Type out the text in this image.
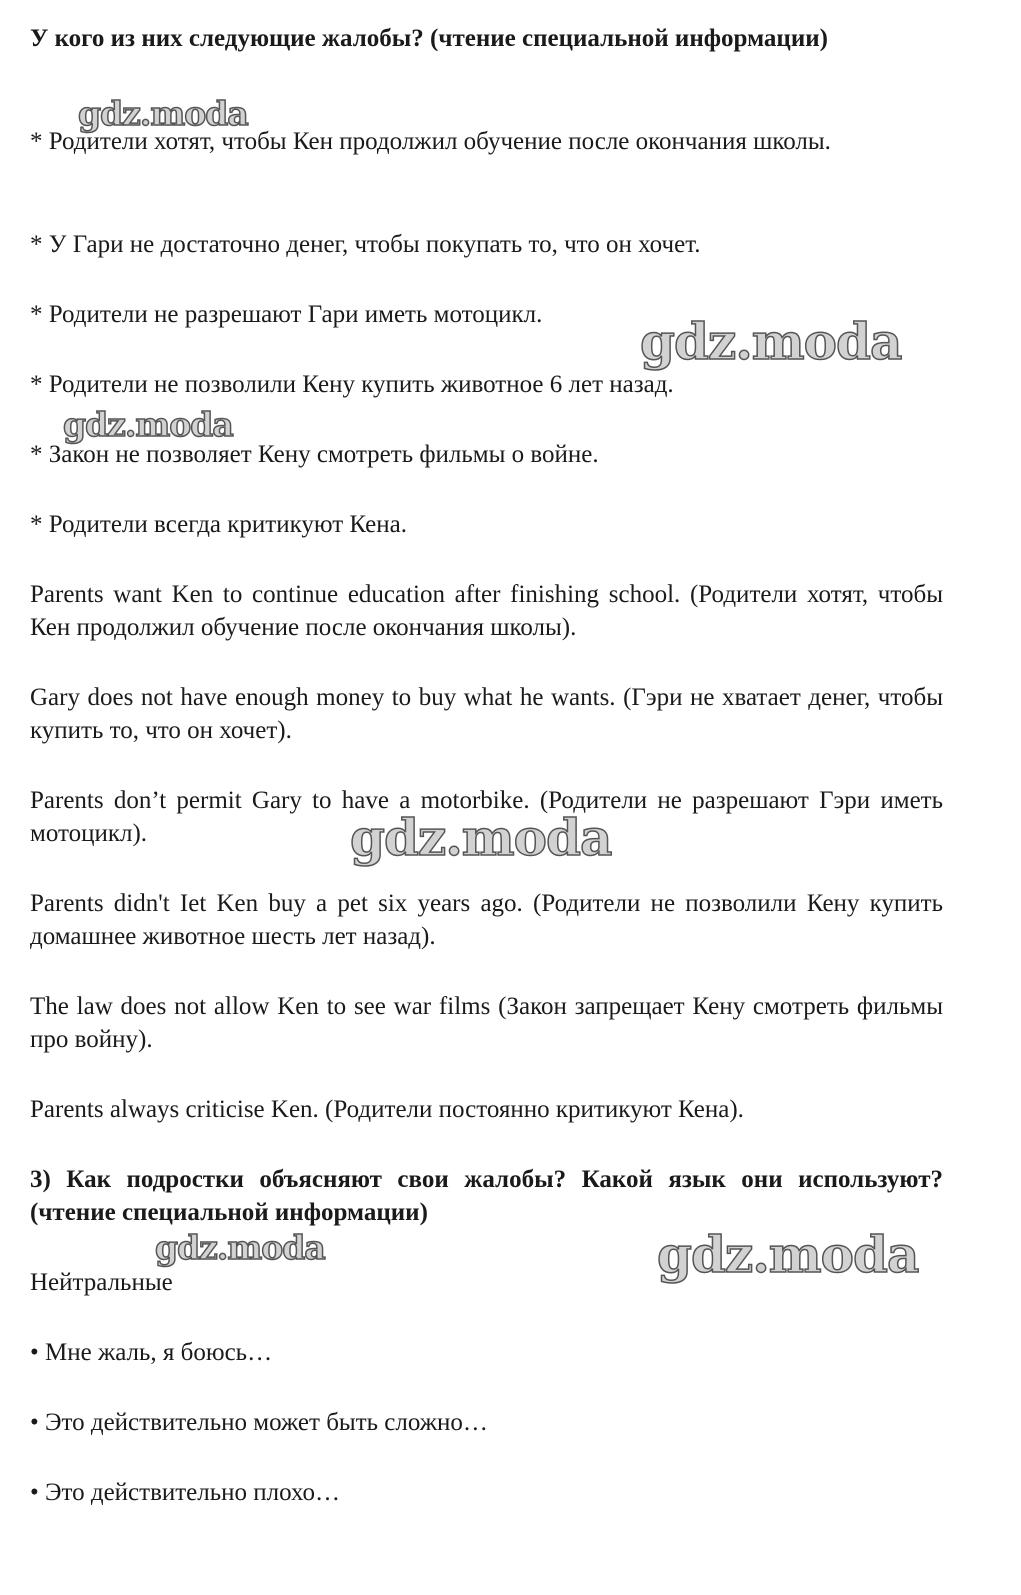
У кого из них следующие жалобы? (чтение специальной информации)

* Родители хотят, чтобы Кен продолжил обучение после окончания школы.

* У Гари не достаточно денег, чтобы покупать то, что он хочет.

* Родители не разрешают Гари иметь мотоцикл.

* Родители не позволили Кену купить животное 6 лет назад.

* Закон не позволяет Кену смотреть фильмы о войне.

* Родители всегда критикуют Кена.

Parents want Ken to continue education after finishing school. (Родители хотят, чтобы Кен продолжил обучение после окончания школы).

Gary does not have enough money to buy what he wants. (Гэри не хватает денег, чтобы купить то, что он хочет).

Parents don’t permit Gary to have a motorbike. (Родители не разрешают Гэри иметь мотоцикл).

Parents didn't Iet Ken buy a pet six years ago. (Родители не позволили Кену купить домашнее животное шесть лет назад).

The law does not allow Ken to see war films (Закон запрещает Кену смотреть фильмы про войну).

Parents always criticise Ken. (Родители постоянно критикуют Кена).

3) Как подростки объясняют свои жалобы? Какой язык они используют? (чтение специальной информации)

Нейтральные

• Мне жаль, я боюсь…

• Это действительно может быть сложно…

• Это действительно плохо…

gdz.moda
gdz.moda
gdz.moda
gdz.moda
gdz.moda	gdz.moda
